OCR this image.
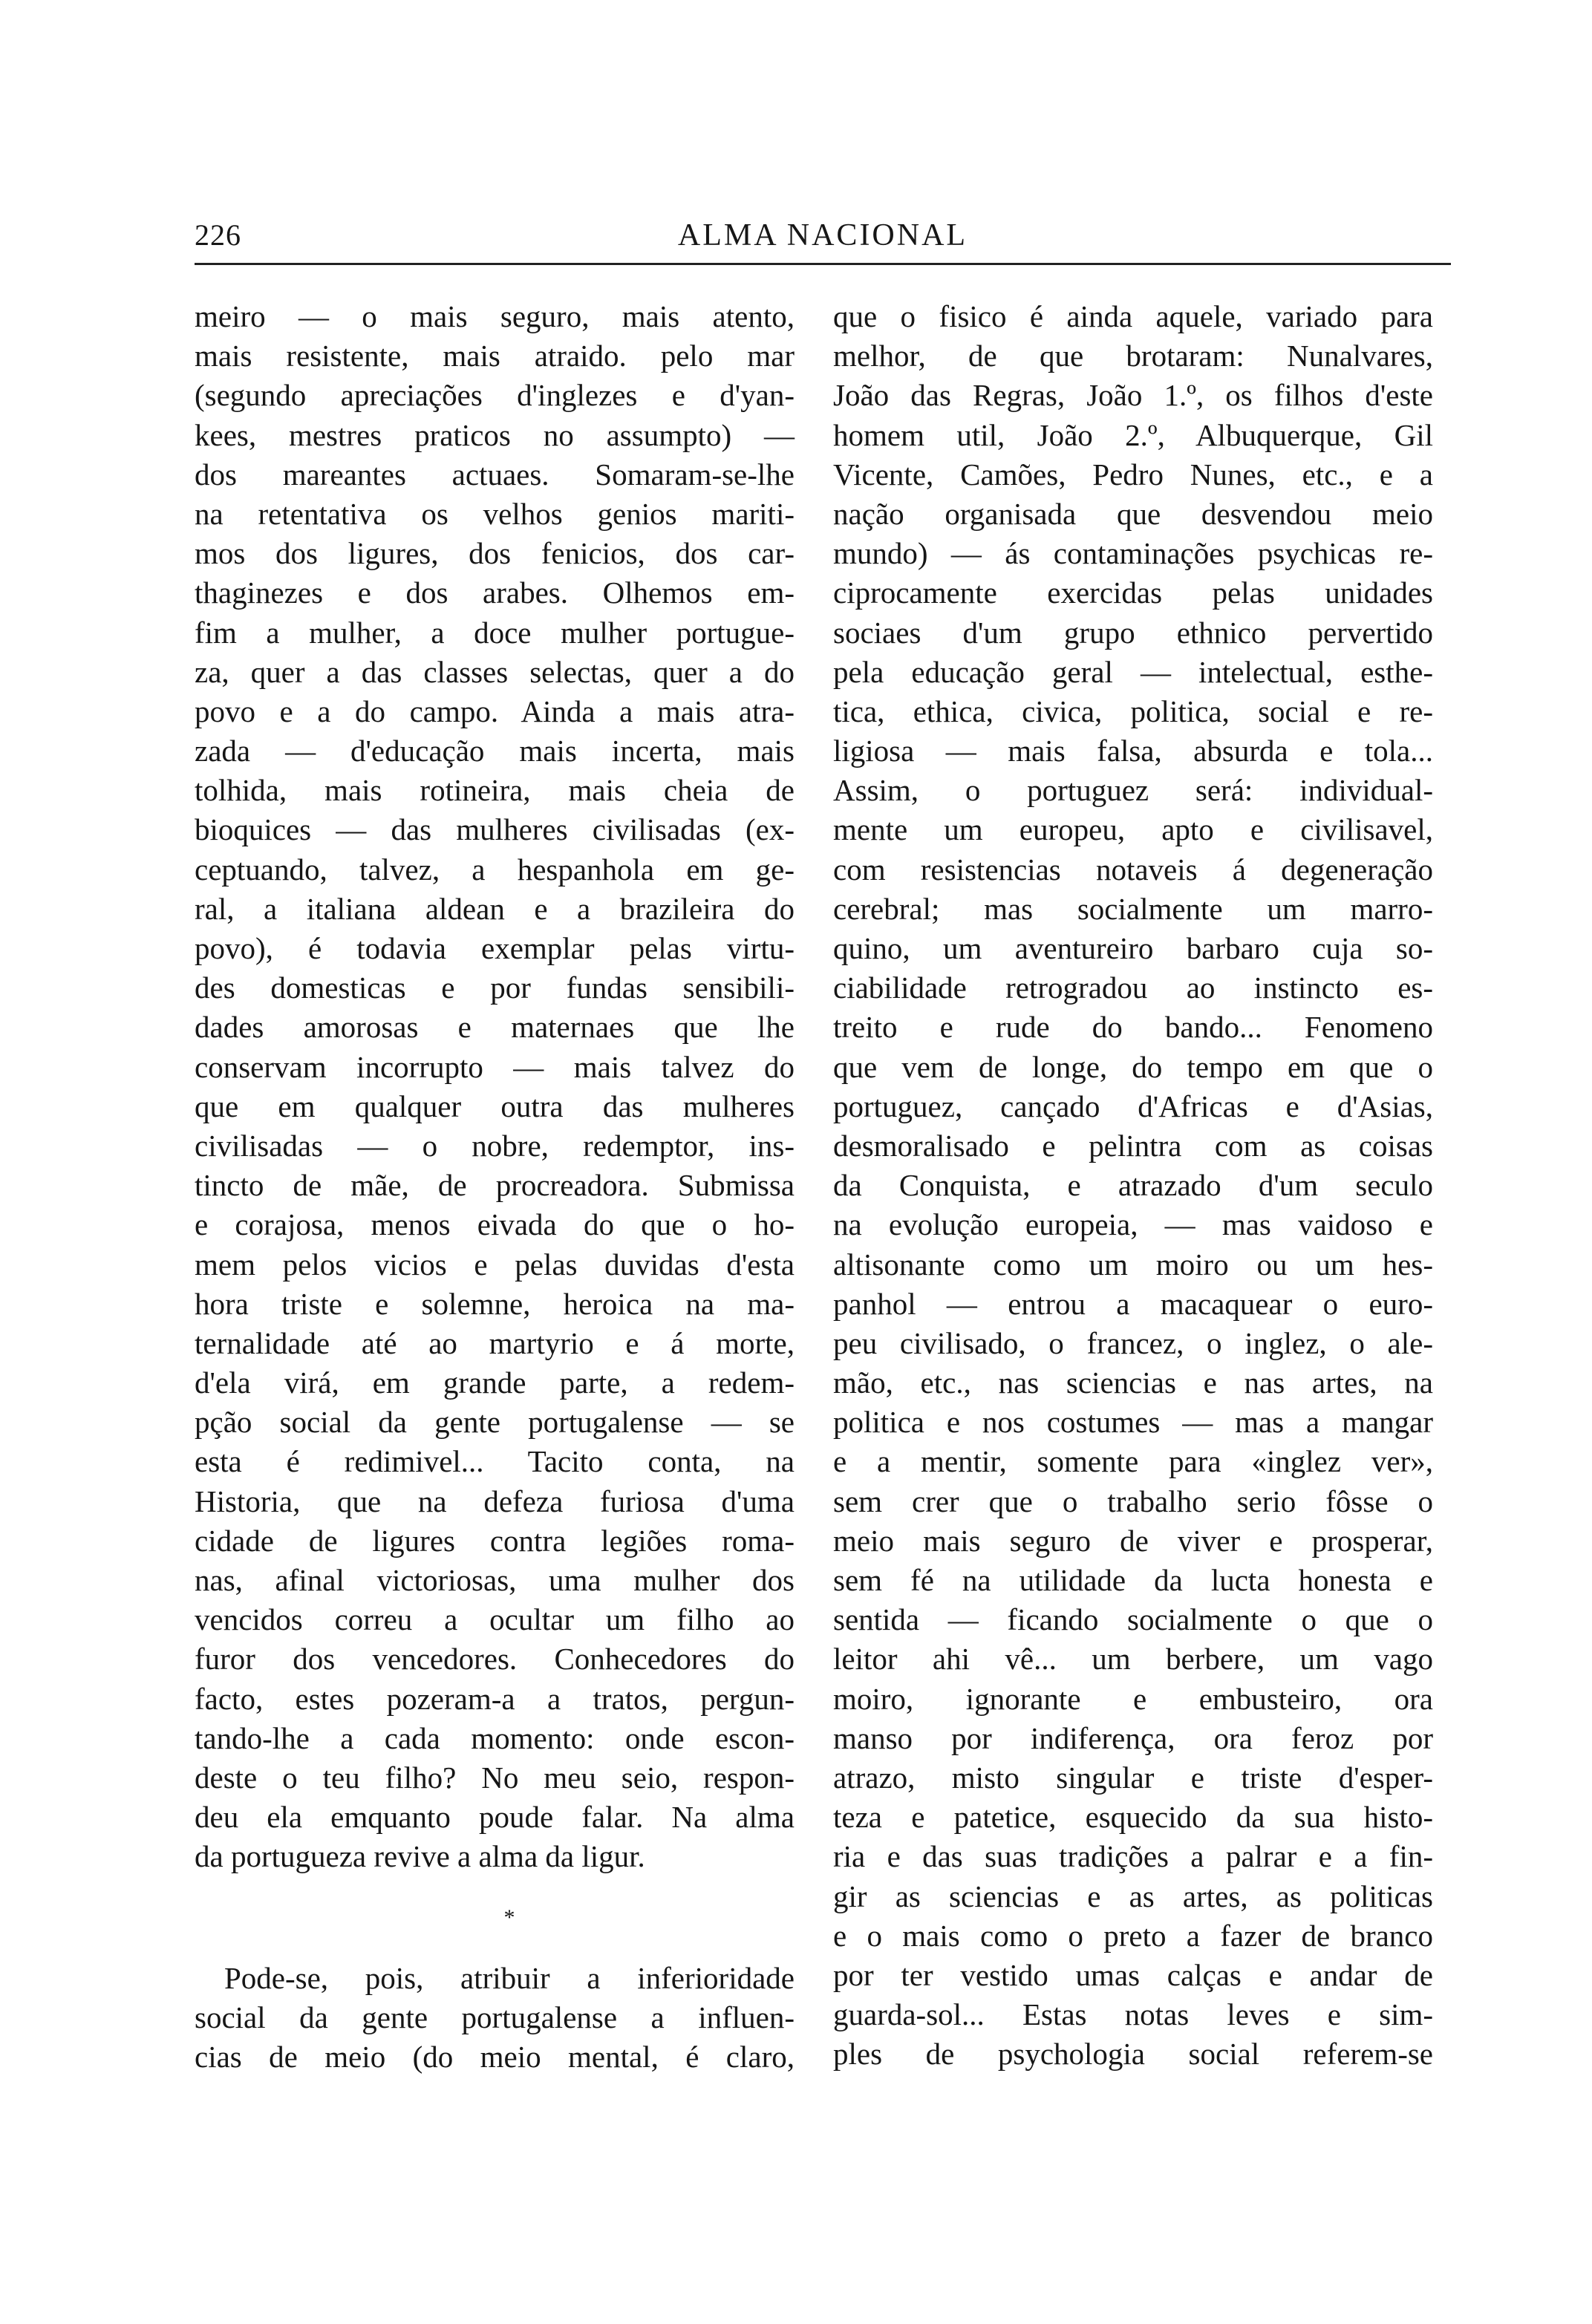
226	ALMA NACIONAL
meiro — o mais seguro, mais atento,
mais resistente, mais atraido. pelo mar
(segundo apreciações d'inglezes e d'yan-
kees, mestres praticos no assumpto) —
dos mareantes actuaes. Somaram-se-lhe
na retentativa os velhos genios mariti-
mos dos ligures, dos fenicios, dos car-
thaginezes e dos arabes. Olhemos em-
fim a mulher, a doce mulher portugue-
za, quer a das classes selectas, quer a do
povo e a do campo. Ainda a mais atra-
zada — d'educação mais incerta, mais
tolhida, mais rotineira, mais cheia de
bioquices — das mulheres civilisadas (ex-
ceptuando, talvez, a hespanhola em ge-
ral, a italiana aldean e a brazileira do
povo), é todavia exemplar pelas virtu-
des domesticas e por fundas sensibili-
dades amorosas e maternaes que lhe
conservam incorrupto — mais talvez do
que em qualquer outra das mulheres
civilisadas — o nobre, redemptor, ins-
tincto de mãe, de procreadora. Submissa
e corajosa, menos eivada do que o ho-
mem pelos vicios e pelas duvidas d'esta
hora triste e solemne, heroica na ma-
ternalidade até ao martyrio e á morte,
d'ela virá, em grande parte, a redem-
pção social da gente portugalense — se
esta é redimivel... Tacito conta, na
Historia, que na defeza furiosa d'uma
cidade de ligures contra legiões roma-
nas, afinal victoriosas, uma mulher dos
vencidos correu a ocultar um filho ao
furor dos vencedores. Conhecedores do
facto, estes pozeram-a a tratos, pergun-
tando-lhe a cada momento: onde escon-
deste o teu filho? No meu seio, respon-
deu ela emquanto poude falar. Na alma
da portugueza revive a alma da ligur.
*
Pode-se, pois, atribuir a inferioridade
social da gente portugalense a influen-
cias de meio (do meio mental, é claro,
que o fisico é ainda aquele, variado para
melhor, de que brotaram: Nunalvares,
João das Regras, João 1.º, os filhos d'este
homem util, João 2.º, Albuquerque, Gil
Vicente, Camões, Pedro Nunes, etc., e a
nação organisada que desvendou meio
mundo) — ás contaminações psychicas re-
ciprocamente exercidas pelas unidades
sociaes d'um grupo ethnico pervertido
pela educação geral — intelectual, esthe-
tica, ethica, civica, politica, social e re-
ligiosa — mais falsa, absurda e tola...
Assim, o portuguez será: individual-
mente um europeu, apto e civilisavel,
com resistencias notaveis á degeneração
cerebral; mas socialmente um marro-
quino, um aventureiro barbaro cuja so-
ciabilidade retrogradou ao instincto es-
treito e rude do bando... Fenomeno
que vem de longe, do tempo em que o
portuguez, cançado d'Africas e d'Asias,
desmoralisado e pelintra com as coisas
da Conquista, e atrazado d'um seculo
na evolução europeia, — mas vaidoso e
altisonante como um moiro ou um hes-
panhol — entrou a macaquear o euro-
peu civilisado, o francez, o inglez, o ale-
mão, etc., nas sciencias e nas artes, na
politica e nos costumes — mas a mangar
e a mentir, somente para «inglez ver»,
sem crer que o trabalho serio fôsse o
meio mais seguro de viver e prosperar,
sem fé na utilidade da lucta honesta e
sentida — ficando socialmente o que o
leitor ahi vê... um berbere, um vago
moiro, ignorante e embusteiro, ora
manso por indiferença, ora feroz por
atrazo, misto singular e triste d'esper-
teza e patetice, esquecido da sua histo-
ria e das suas tradições a palrar e a fin-
gir as sciencias e as artes, as politicas
e o mais como o preto a fazer de branco
por ter vestido umas calças e andar de
guarda-sol... Estas notas leves e sim-
ples de psychologia social referem-se
